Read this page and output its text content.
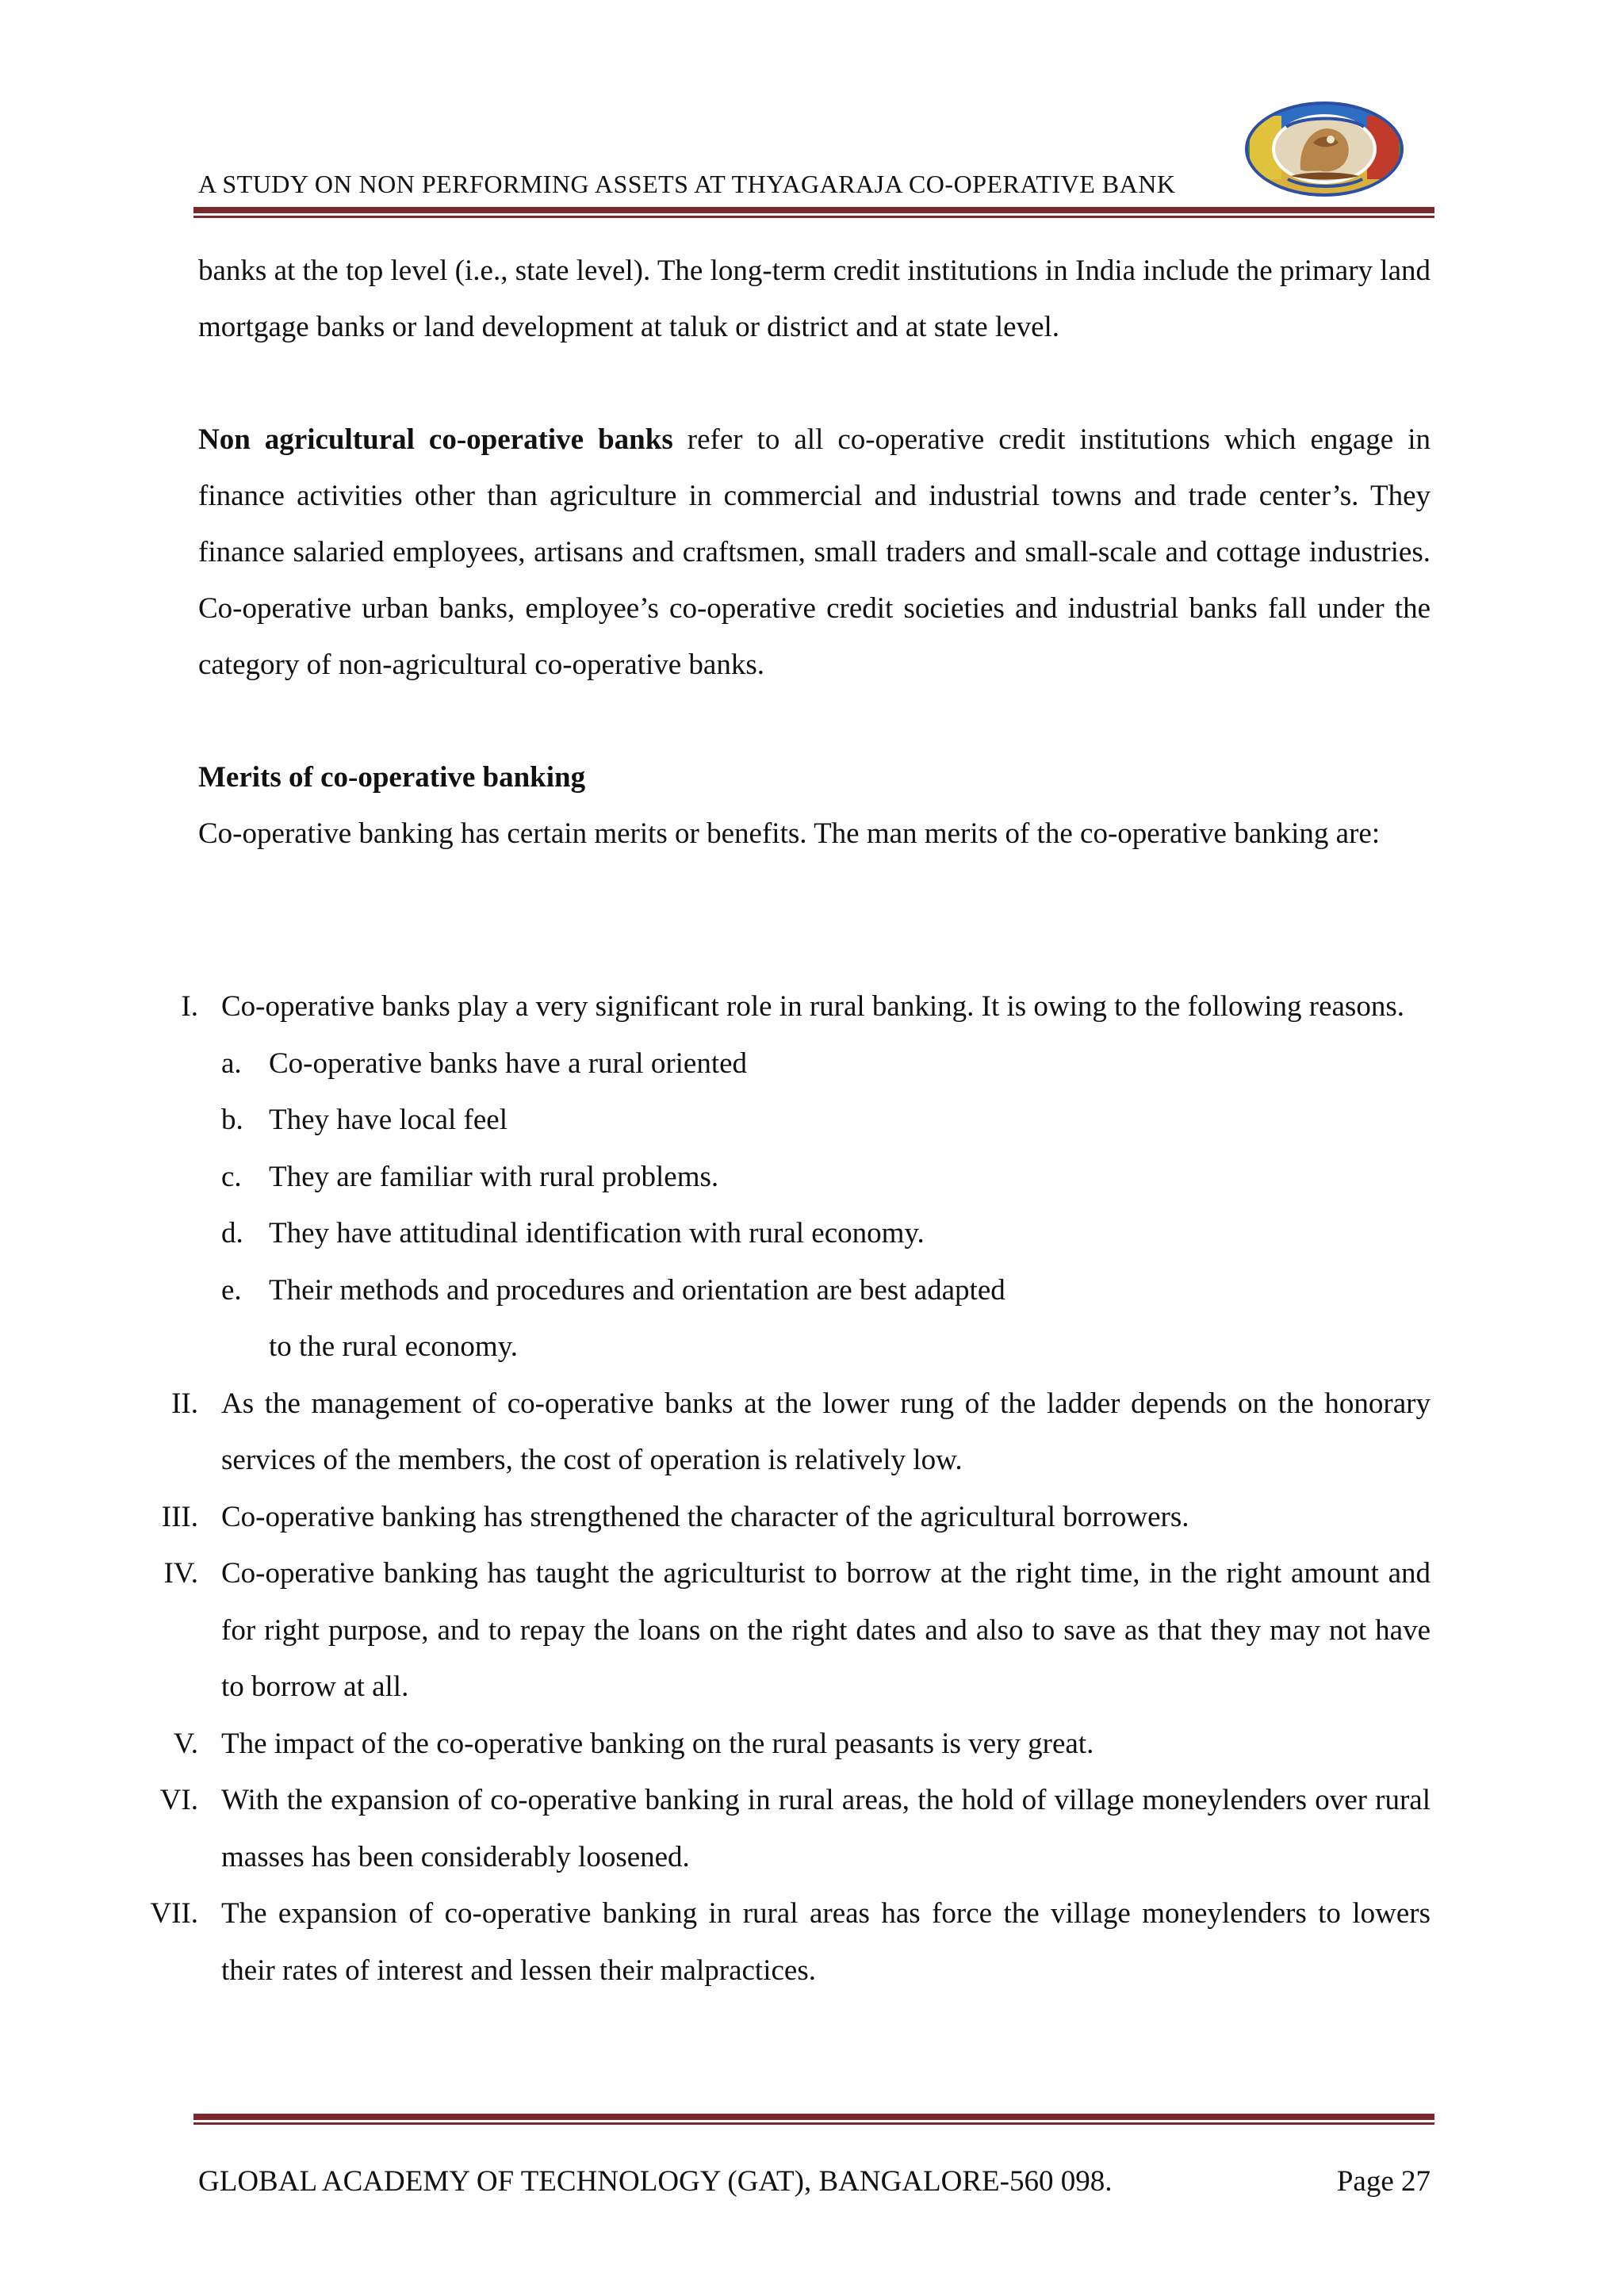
A STUDY ON NON PERFORMING ASSETS AT THYAGARAJA CO-OPERATIVE BANK

banks at the top level (i.e., state level). The long-term credit institutions in India include the primary land mortgage banks or land development at taluk or district and at state level.

Non agricultural co-operative banks refer to all co-operative credit institutions which engage in finance activities other than agriculture in commercial and industrial towns and trade center’s. They finance salaried employees, artisans and craftsmen, small traders and small-scale and cottage industries. Co-operative urban banks, employee’s co-operative credit societies and industrial banks fall under the category of non-agricultural co-operative banks.

Merits of co-operative banking

Co-operative banking has certain merits or benefits. The man merits of the co-operative banking are:

I. Co-operative banks play a very significant role in rural banking. It is owing to the following reasons.
a. Co-operative banks have a rural oriented
b. They have local feel
c. They are familiar with rural problems.
d. They have attitudinal identification with rural economy.
e. Their methods and procedures and orientation are best adapted
to the rural economy.
II. As the management of co-operative banks at the lower rung of the ladder depends on the honorary services of the members, the cost of operation is relatively low.
III. Co-operative banking has strengthened the character of the agricultural borrowers.
IV. Co-operative banking has taught the agriculturist to borrow at the right time, in the right amount and for right purpose, and to repay the loans on the right dates and also to save as that they may not have to borrow at all.
V. The impact of the co-operative banking on the rural peasants is very great.
VI. With the expansion of co-operative banking in rural areas, the hold of village moneylenders over rural masses has been considerably loosened.
VII. The expansion of co-operative banking in rural areas has force the village moneylenders to lowers their rates of interest and lessen their malpractices.
GLOBAL ACADEMY OF TECHNOLOGY (GAT), BANGALORE-560 098.	Page 27
